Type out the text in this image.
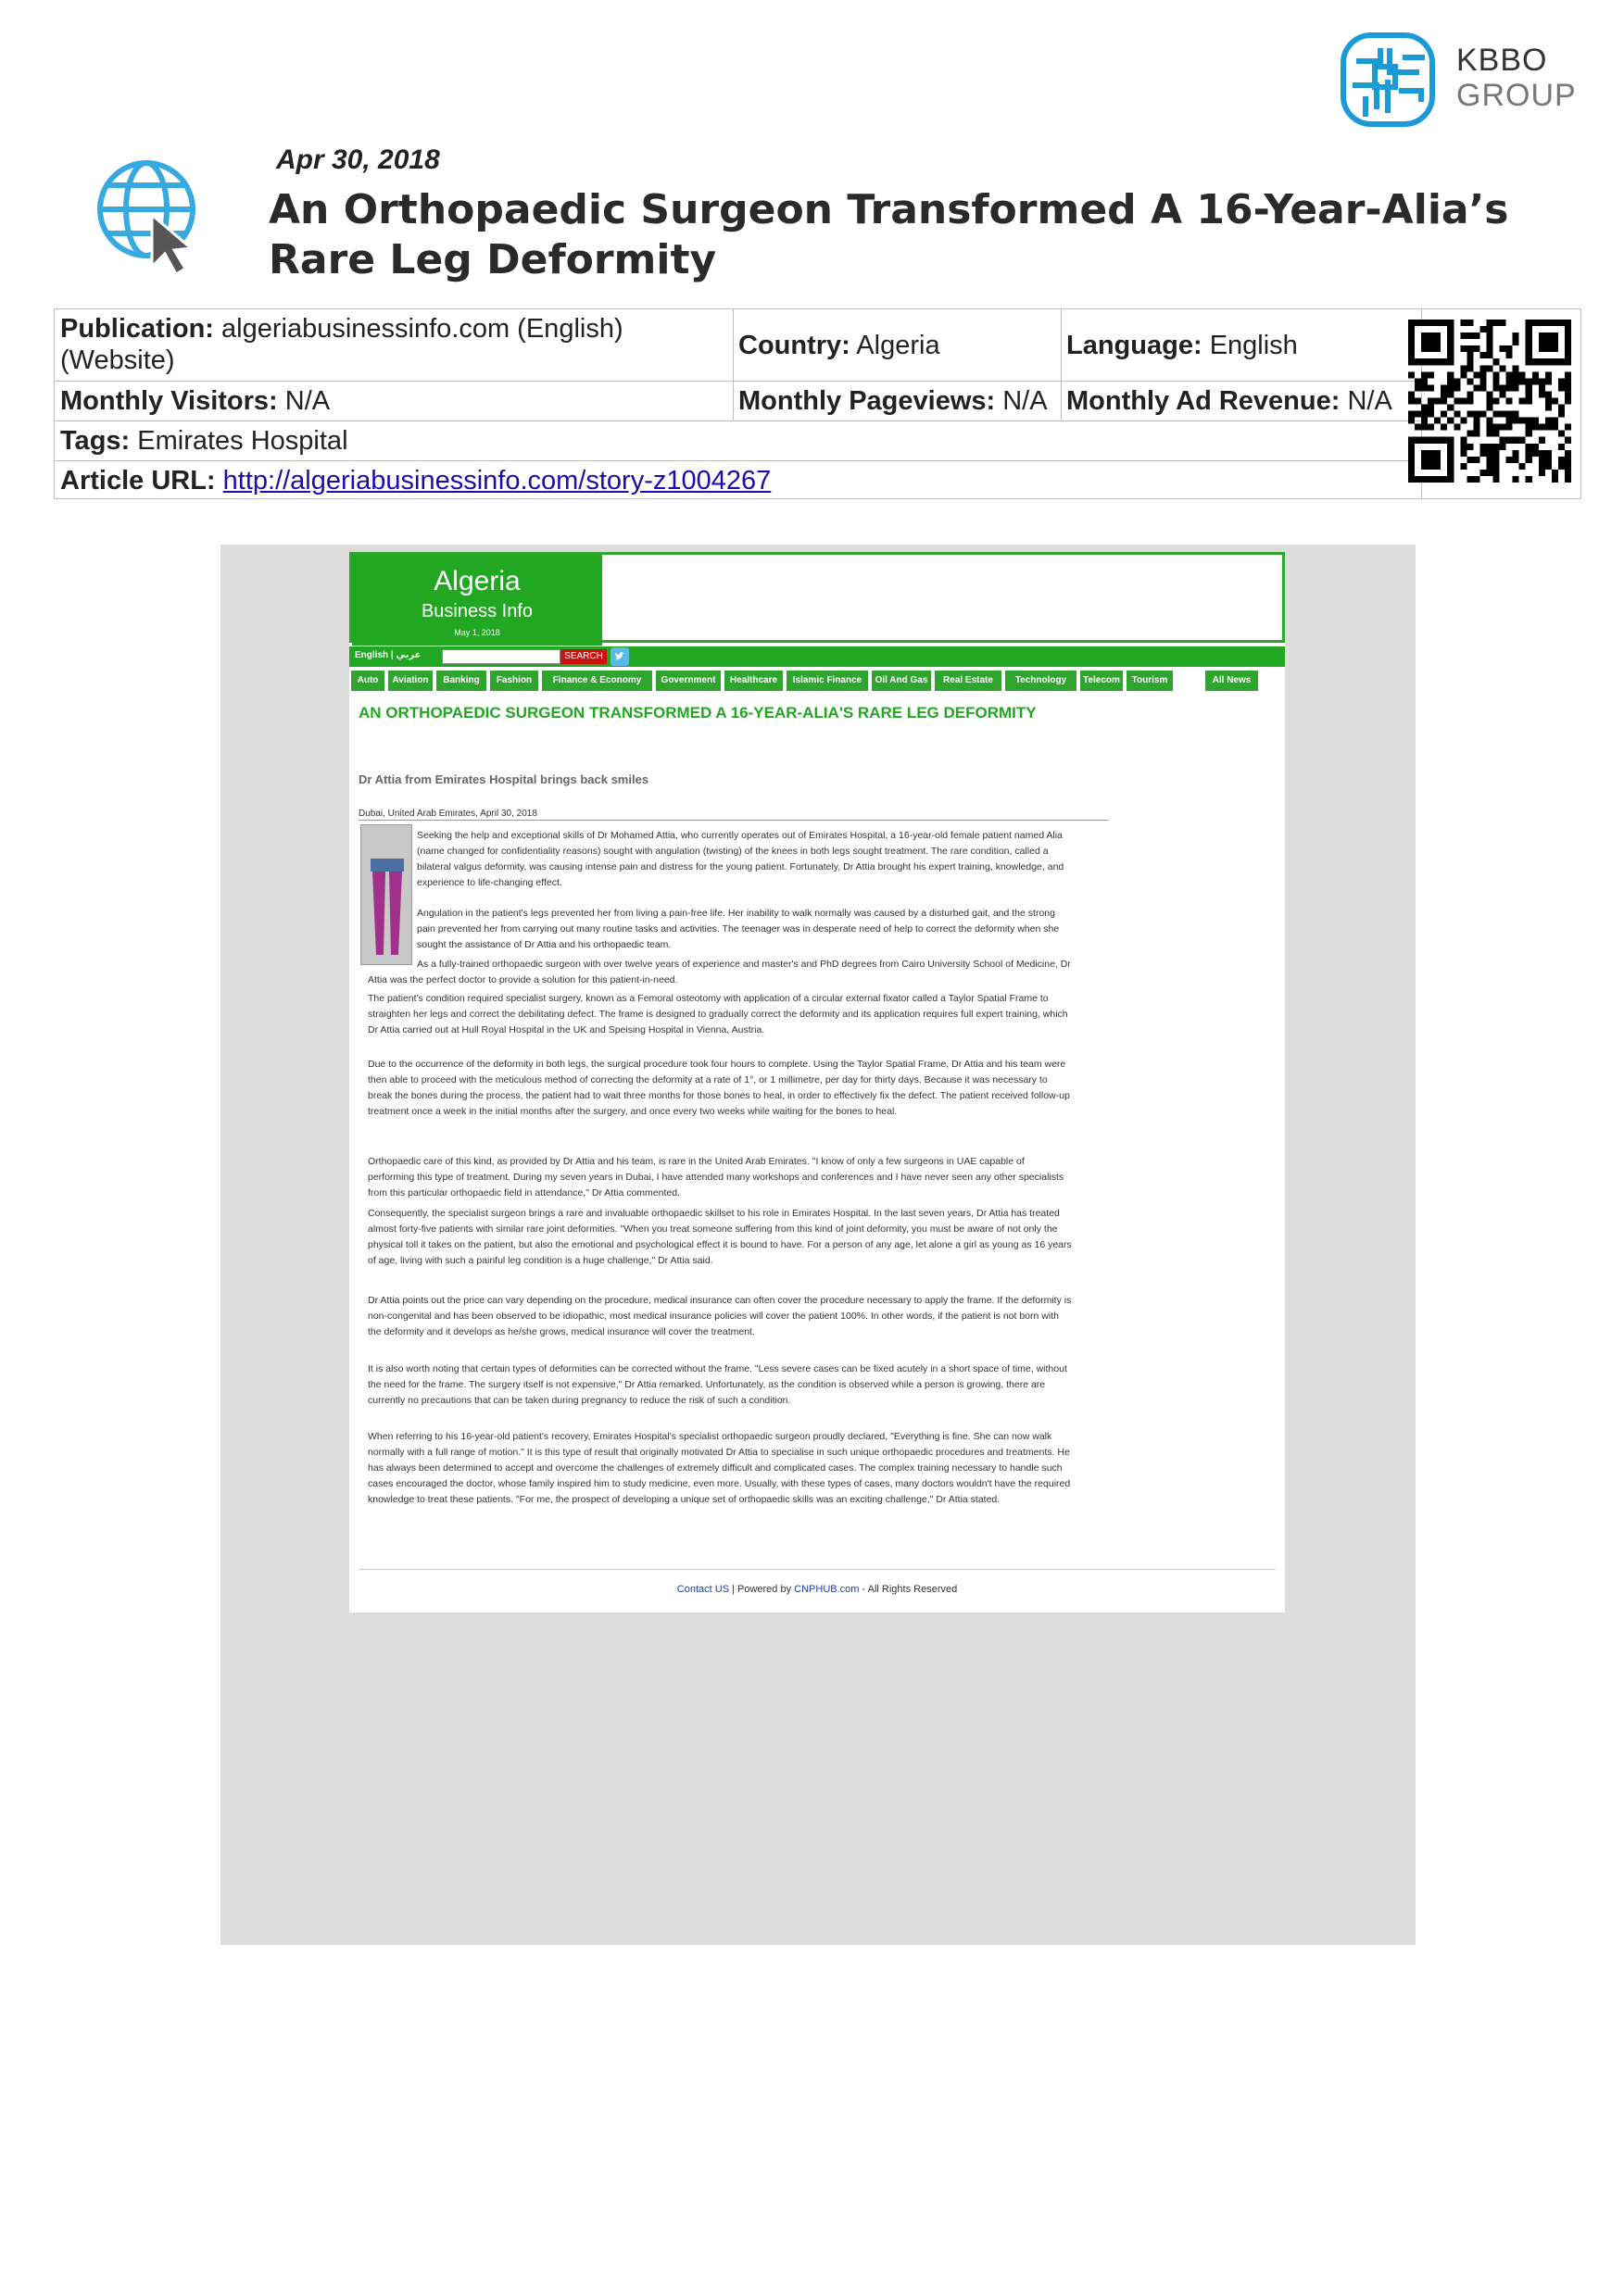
KBBO
GROUP
Apr 30, 2018
An Orthopaedic Surgeon Transformed A 16-Year-Alia’s Rare Leg Deformity
Publication: algeriabusinessinfo.com (English)
(Website)	Country: Algeria	Language: English
Monthly Visitors: N/A	Monthly Pageviews: N/A Monthly Ad Revenue: N/A
Tags: Emirates Hospital
Article URL: http://algeriabusinessinfo.com/story-z1004267
Algeria
Business Info
May 1, 2018
English | عربي	SEARCH
Auto	Aviation	Banking	Fashion	Finance & Economy	Government	Healthcare	Islamic Finance	Oil And Gas	Real Estate	Technology	Telecom	Tourism	All News
AN ORTHOPAEDIC SURGEON TRANSFORMED A 16-YEAR-ALIA'S RARE LEG DEFORMITY
Dr Attia from Emirates Hospital brings back smiles
Dubai, United Arab Emirates, April 30, 2018

Seeking the help and exceptional skills of Dr Mohamed Attia, who currently operates out of Emirates Hospital, a 16-year-old female patient named Alia (name changed for confidentiality reasons) sought with angulation (twisting) of the knees in both legs sought treatment. The rare condition, called a bilateral valgus deformity, was causing intense pain and distress for the young patient. Fortunately, Dr Attia brought his expert training, knowledge, and experience to life-changing effect.

Angulation in the patient's legs prevented her from living a pain-free life. Her inability to walk normally was caused by a disturbed gait, and the strong pain prevented her from carrying out many routine tasks and activities. The teenager was in desperate need of help to correct the deformity when she sought the assistance of Dr Attia and his orthopaedic team.

As a fully-trained orthopaedic surgeon with over twelve years of experience and master's and PhD degrees from Cairo University School of Medicine, Dr Attia was the perfect doctor to provide a solution for this patient-in-need.

The patient's condition required specialist surgery, known as a Femoral osteotomy with application of a circular external fixator called a Taylor Spatial Frame to straighten her legs and correct the debilitating defect. The frame is designed to gradually correct the deformity and its application requires full expert training, which Dr Attia carried out at Hull Royal Hospital in the UK and Speising Hospital in Vienna, Austria.

Due to the occurrence of the deformity in both legs, the surgical procedure took four hours to complete. Using the Taylor Spatial Frame, Dr Attia and his team were then able to proceed with the meticulous method of correcting the deformity at a rate of 1°, or 1 millimetre, per day for thirty days. Because it was necessary to break the bones during the process, the patient had to wait three months for those bones to heal, in order to effectively fix the defect. The patient received follow-up treatment once a week in the initial months after the surgery, and once every two weeks while waiting for the bones to heal.

Orthopaedic care of this kind, as provided by Dr Attia and his team, is rare in the United Arab Emirates. "I know of only a few surgeons in UAE capable of performing this type of treatment. During my seven years in Dubai, I have attended many workshops and conferences and I have never seen any other specialists from this particular orthopaedic field in attendance," Dr Attia commented.

Consequently, the specialist surgeon brings a rare and invaluable orthopaedic skillset to his role in Emirates Hospital. In the last seven years, Dr Attia has treated almost forty-five patients with similar rare joint deformities. "When you treat someone suffering from this kind of joint deformity, you must be aware of not only the physical toll it takes on the patient, but also the emotional and psychological effect it is bound to have. For a person of any age, let alone a girl as young as 16 years of age, living with such a painful leg condition is a huge challenge," Dr Attia said.

Dr Attia points out the price can vary depending on the procedure, medical insurance can often cover the procedure necessary to apply the frame. If the deformity is non-congenital and has been observed to be idiopathic, most medical insurance policies will cover the patient 100%. In other words, if the patient is not born with the deformity and it develops as he/she grows, medical insurance will cover the treatment.

It is also worth noting that certain types of deformities can be corrected without the frame. "Less severe cases can be fixed acutely in a short space of time, without the need for the frame. The surgery itself is not expensive," Dr Attia remarked. Unfortunately, as the condition is observed while a person is growing, there are currently no precautions that can be taken during pregnancy to reduce the risk of such a condition.

When referring to his 16-year-old patient's recovery, Emirates Hospital's specialist orthopaedic surgeon proudly declared, "Everything is fine. She can now walk normally with a full range of motion." It is this type of result that originally motivated Dr Attia to specialise in such unique orthopaedic procedures and treatments. He has always been determined to accept and overcome the challenges of extremely difficult and complicated cases. The complex training necessary to handle such cases encouraged the doctor, whose family inspired him to study medicine, even more. Usually, with these types of cases, many doctors wouldn't have the required knowledge to treat these patients. "For me, the prospect of developing a unique set of orthopaedic skills was an exciting challenge," Dr Attia stated.

Contact US | Powered by CNPHUB.com - All Rights Reserved
